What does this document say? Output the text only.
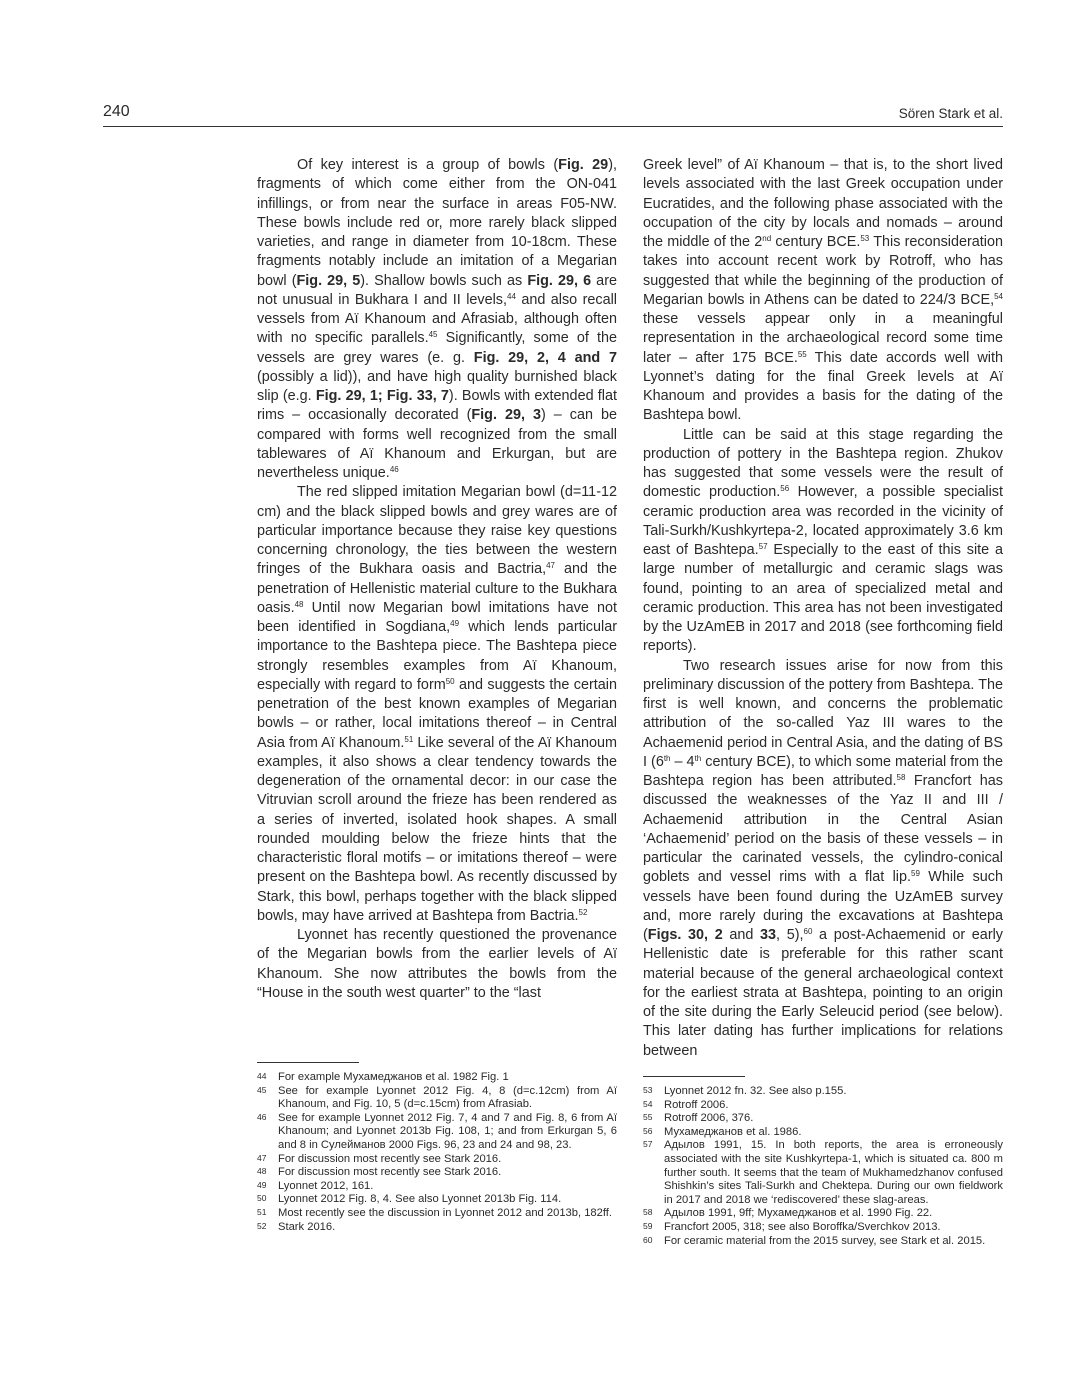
240	Sören Stark et al.

Of key interest is a group of bowls (Fig. 29), fragments of which come either from the ON-041 infillings, or from near the surface in areas F05-NW. These bowls include red or, more rarely black slipped varieties, and range in diameter from 10-18cm. These fragments notably include an imitation of a Megarian bowl (Fig. 29, 5). Shallow bowls such as Fig. 29, 6 are not unusual in Bukhara I and II levels,$^{44}$ and also recall vessels from Aï Khanoum and Afrasiab, although often with no specific parallels.$^{45}$ Significantly, some of the vessels are grey wares (e. g. Fig. 29, 2, 4 and 7 (possibly a lid)), and have high quality burnished black slip (e.g. Fig. 29, 1; Fig. 33, 7). Bowls with extended flat rims – occasionally decorated (Fig. 29, 3) – can be compared with forms well recognized from the small tablewares of Aï Khanoum and Erkurgan, but are nevertheless unique.$^{46}$

The red slipped imitation Megarian bowl (d=11-12 cm) and the black slipped bowls and grey wares are of particular importance because they raise key questions concerning chronology, the ties between the western fringes of the Bukhara oasis and Bactria,$^{47}$ and the penetration of Hellenistic material culture to the Bukhara oasis.$^{48}$ Until now Megarian bowl imitations have not been identified in Sogdiana,$^{49}$ which lends particular importance to the Bashtepa piece. The Bashtepa piece strongly resembles examples from Aï Khanoum, especially with regard to form$^{50}$ and suggests the certain penetration of the best known examples of Megarian bowls – or rather, local imitations thereof – in Central Asia from Aï Khanoum.$^{51}$ Like several of the Aï Khanoum examples, it also shows a clear tendency towards the degeneration of the ornamental decor: in our case the Vitruvian scroll around the frieze has been rendered as a series of inverted, isolated hook shapes. A small rounded moulding below the frieze hints that the characteristic floral motifs – or imitations thereof – were present on the Bashtepa bowl. As recently discussed by Stark, this bowl, perhaps together with the black slipped bowls, may have arrived at Bashtepa from Bactria.$^{52}$

Lyonnet has recently questioned the provenance of the Megarian bowls from the earlier levels of Aï Khanoum. She now attributes the bowls from the “House in the south west quarter” to the “last

Greek level” of Aï Khanoum – that is, to the short lived levels associated with the last Greek occupation under Eucratides, and the following phase associated with the occupation of the city by locals and nomads – around the middle of the 2nd century BCE.$^{53}$ This reconsideration takes into account recent work by Rotroff, who has suggested that while the beginning of the production of Megarian bowls in Athens can be dated to 224/3 BCE,$^{54}$ these vessels appear only in a meaningful representation in the archaeological record some time later – after 175 BCE.$^{55}$ This date accords well with Lyonnet’s dating for the final Greek levels at Aï Khanoum and provides a basis for the dating of the Bashtepa bowl.

Little can be said at this stage regarding the production of pottery in the Bashtepa region. Zhukov has suggested that some vessels were the result of domestic production.$^{56}$ However, a possible specialist ceramic production area was recorded in the vicinity of Tali-Surkh/Kushkyrtepa-2, located approximately 3.6 km east of Bashtepa.$^{57}$ Especially to the east of this site a large number of metallurgic and ceramic slags was found, pointing to an area of specialized metal and ceramic production. This area has not been investigated by the UzAmEB in 2017 and 2018 (see forthcoming field reports).

Two research issues arise for now from this preliminary discussion of the pottery from Bashtepa. The first is well known, and concerns the problematic attribution of the so-called Yaz III wares to the Achaemenid period in Central Asia, and the dating of BS I (6th – 4th century BCE), to which some material from the Bashtepa region has been attributed.$^{58}$ Francfort has discussed the weaknesses of the Yaz II and III / Achaemenid attribution in the Central Asian ‘Achaemenid’ period on the basis of these vessels – in particular the carinated vessels, the cylindro-conical goblets and vessel rims with a flat lip.$^{59}$ While such vessels have been found during the UzAmEB survey and, more rarely during the excavations at Bashtepa (Figs. 30, 2 and 33, 5),$^{60}$ a post-Achaemenid or early Hellenistic date is preferable for this rather scant material because of the general archaeological context for the earliest strata at Bashtepa, pointing to an origin of the site during the Early Seleucid period (see below). This later dating has further implications for relations between

44	For example Мухамеджанов et al. 1982 Fig. 1
45	See for example Lyonnet 2012 Fig. 4, 8 (d=c.12cm) from Aï Khanoum, and Fig. 10, 5 (d=c.15cm) from Afrasiab.
46	See for example Lyonnet 2012 Fig. 7, 4 and 7 and Fig. 8, 6 from Aï Khanoum; and Lyonnet 2013b Fig. 108, 1; and from Erkurgan 5, 6 and 8 in Сулейманов 2000 Figs. 96, 23 and 24 and 98, 23.
47	For discussion most recently see Stark 2016.
48	For discussion most recently see Stark 2016.
49	Lyonnet 2012, 161.
50	Lyonnet 2012 Fig. 8, 4. See also Lyonnet 2013b Fig. 114.
51	Most recently see the discussion in Lyonnet 2012 and 2013b, 182ff.
52	Stark 2016.
53	Lyonnet 2012 fn. 32. See also p.155.
54	Rotroff 2006.
55	Rotroff 2006, 376.
56	Мухамеджанов et al. 1986.
57	Адылов 1991, 15. In both reports, the area is erroneously associated with the site Kushkyrtepa-1, which is situated ca. 800 m further south. It seems that the team of Mukhamedzhanov confused Shishkin’s sites Tali-Surkh and Chektepa. During our own fieldwork in 2017 and 2018 we ‘rediscovered’ these slag-areas.
58	Адылов 1991, 9ff; Мухамеджанов et al. 1990 Fig. 22.
59	Francfort 2005, 318; see also Boroffka/Sverchkov 2013.
60	For ceramic material from the 2015 survey, see Stark et al. 2015.
